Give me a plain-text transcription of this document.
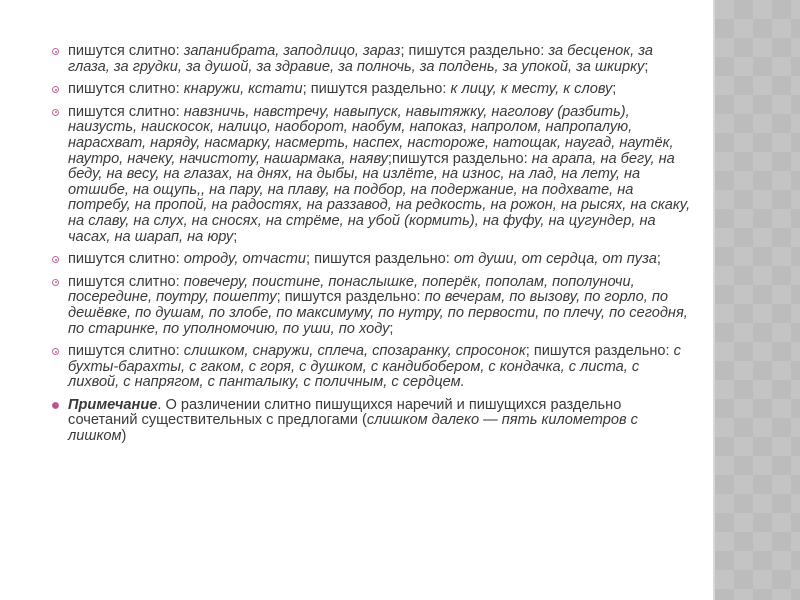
пишутся слитно: запанибрата, заподлицо, зараз; пишутся раздельно: за бесценок, за глаза, за грудки, за душой, за здравие, за полночь, за полдень, за упокой, за шкирку;
пишутся слитно: кнаружи, кстати; пишутся раздельно: к лицу, к месту, к слову;
пишутся слитно: навзничь, навстречу, навыпуск, навытяжку, наголову (разбить), наизусть, наискосок, налицо, наоборот, наобум, напоказ, напролом, напропалую, нарасхват, наряду, насмарку, насмерть, наспех, настороже, натощак, наугад, наутёк, наутро, начеку, начистоту, нашармака, наяву;пишутся раздельно: на арапа, на бегу, на беду, на весу, на глазах, на днях, на дыбы, на излёте, на износ, на лад, на лету, на отшибе, на ощупь,, на пару, на плаву, на подбор, на подержание, на подхвате, на потребу, на пропой, на радостях, на раззавод, на редкость, на рожон, на рысях, на скаку, на славу, на слух, на сносях, на стрёме, на убой (кормить), на фуфу, на цугундер, на часах, на шарап, на юру;
пишутся слитно: отроду, отчасти; пишутся раздельно: от души, от сердца, от пуза;
пишутся слитно: повечеру, поистине, понаслышке, поперёк, пополам, пополуночи, посередине, поутру, пошепту; пишутся раздельно: по вечерам, по вызову, по горло, по дешёвке, по душам, по злобе, по максимуму, по нутру, по первости, по плечу, по сегодня, по старинке, по уполномочию, по уши, по ходу;
пишутся слитно: слишком, снаружи, сплеча, спозаранку, спросонок; пишутся раздельно: с бухты-барахты, с гаком, с горя, с душком, с кандибобером, с кондачка, с листа, с лихвой, с напрягом, с панталыку, с поличным, с сердцем.
Примечание. О различении слитно пишущихся наречий и пишущихся раздельно сочетаний существительных с предлогами (слишком далеко — пять километров с лишком)
